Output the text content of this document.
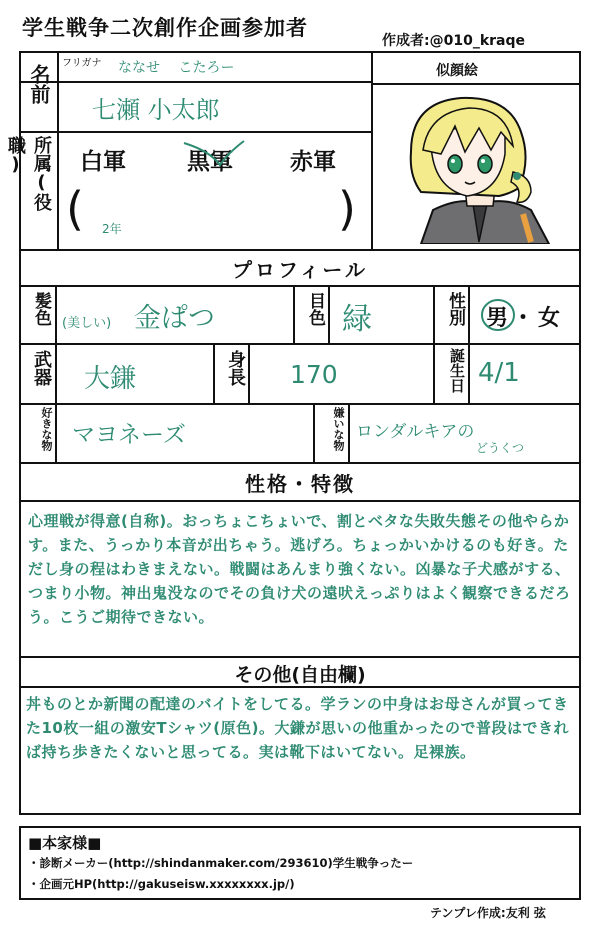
学生戦争二次創作企画参加者
作成者:@010_kraqe
名前
フリガナ ななせ こたろー
七瀬 小太郎
所属(役職)	白軍	黒軍 赤軍
( 2年	)
似顔絵
プロフィール
髪色 (美しい) 金ぱつ	目色 緑	性別 男 ・ 女
武器 大鎌	身長 170	誕生日 4/1
好きな物 マヨネーズ	嫌いな物 ロンダルキアの
どうくつ
性格・特徴
心理戦が得意(自称)。おっちょこちょいで、割とベタな失敗失態その他やらかす。また、うっかり本音が出ちゃう。逃げろ。ちょっかいかけるのも好き。ただし身の程はわきまえない。戦闘はあんまり強くない。凶暴な子犬感がする、つまり小物。神出鬼没なのでその負け犬の遠吠えっぷりはよく観察できるだろう。こうご期待できない。
その他(自由欄)
丼ものとか新聞の配達のバイトをしてる。学ランの中身はお母さんが買ってきた10枚一組の激安Tシャツ(原色)。大鎌が思いの他重かったので普段はできれば持ち歩きたくないと思ってる。実は靴下はいてない。足裸族。
■本家様■
・診断メーカー(http://shindanmaker.com/293610)学生戦争ったー
・企画元HP(http://gakuseisw.xxxxxxxx.jp/)
テンプレ作成:友利 弦
